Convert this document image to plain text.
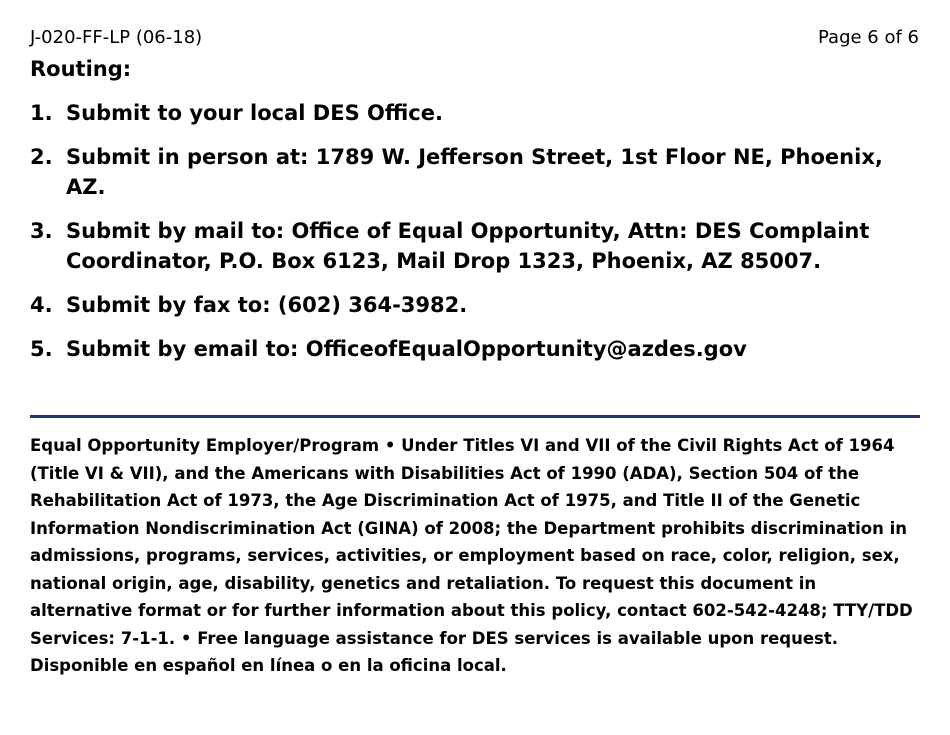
J-020-FF-LP (06-18)	Page 6 of 6
Routing:
1. Submit to your local DES Office.
2. Submit in person at: 1789 W. Jefferson Street, 1st Floor NE, Phoenix, AZ.
3. Submit by mail to: Office of Equal Opportunity, Attn: DES Complaint Coordinator, P.O. Box 6123, Mail Drop 1323, Phoenix, AZ 85007.
4. Submit by fax to: (602) 364-3982.
5. Submit by email to: OfficeofEqualOpportunity@azdes.gov
Equal Opportunity Employer/Program • Under Titles VI and VII of the Civil Rights Act of 1964 (Title VI & VII), and the Americans with Disabilities Act of 1990 (ADA), Section 504 of the Rehabilitation Act of 1973, the Age Discrimination Act of 1975, and Title II of the Genetic Information Nondiscrimination Act (GINA) of 2008; the Department prohibits discrimination in admissions, programs, services, activities, or employment based on race, color, religion, sex, national origin, age, disability, genetics and retaliation. To request this document in alternative format or for further information about this policy, contact 602-542-4248; TTY/TDD Services: 7-1-1. • Free language assistance for DES services is available upon request. Disponible en español en línea o en la oficina local.
